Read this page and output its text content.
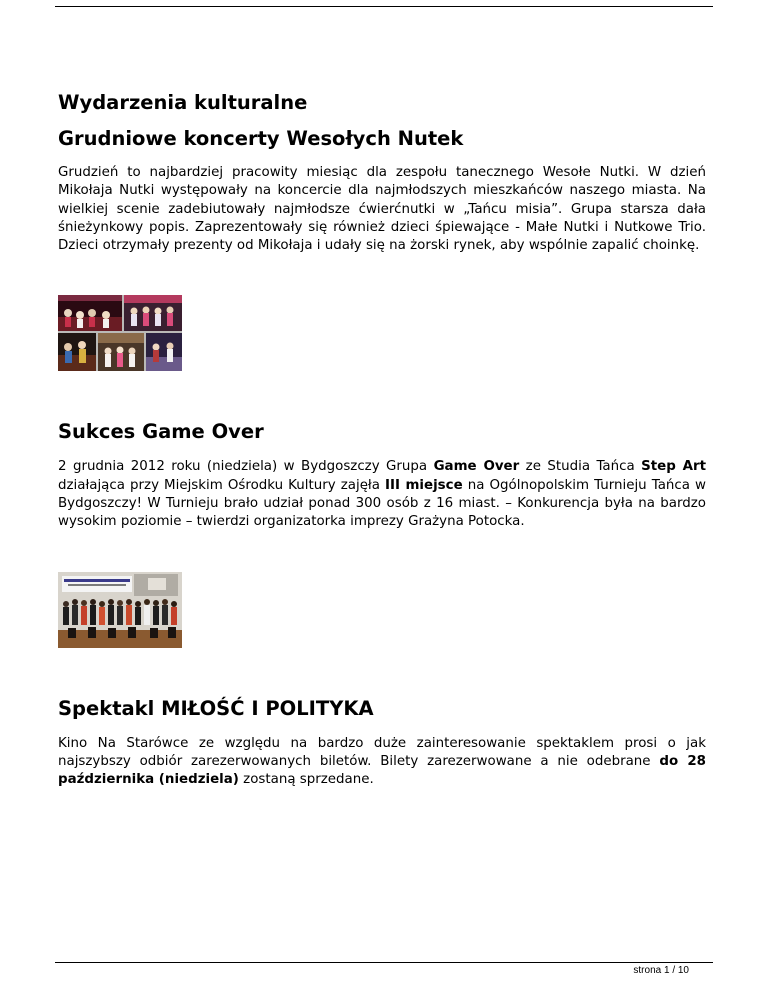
Wydarzenia kulturalne
Grudniowe koncerty Wesołych Nutek

Grudzień to najbardziej pracowity miesiąc dla zespołu tanecznego Wesołe Nutki. W dzień Mikołaja Nutki występowały na koncercie dla najmłodszych mieszkańców naszego miasta. Na wielkiej scenie zadebiutowały najmłodsze ćwierćnutki w „Tańcu misia”. Grupa starsza dała śnieżynkowy popis. Zaprezentowały się również dzieci śpiewające - Małe Nutki i Nutkowe Trio. Dzieci otrzymały prezenty od Mikołaja i udały się na żorski rynek, aby wspólnie zapalić choinkę.

Sukces Game Over

2 grudnia 2012 roku (niedziela) w Bydgoszczy Grupa Game Over ze Studia Tańca Step Art działająca przy Miejskim Ośrodku Kultury zajęła III miejsce na Ogólnopolskim Turnieju Tańca w Bydgoszczy! W Turnieju brało udział ponad 300 osób z 16 miast. – Konkurencja była na bardzo wysokim poziomie – twierdzi organizatorka imprezy Grażyna Potocka.

Spektakl MIŁOŚĆ I POLITYKA

Kino Na Starówce ze względu na bardzo duże zainteresowanie spektaklem prosi o jak najszybszy odbiór zarezerwowanych biletów. Bilety zarezerwowane a nie odebrane do 28 października (niedziela) zostaną sprzedane.

strona 1 / 10
